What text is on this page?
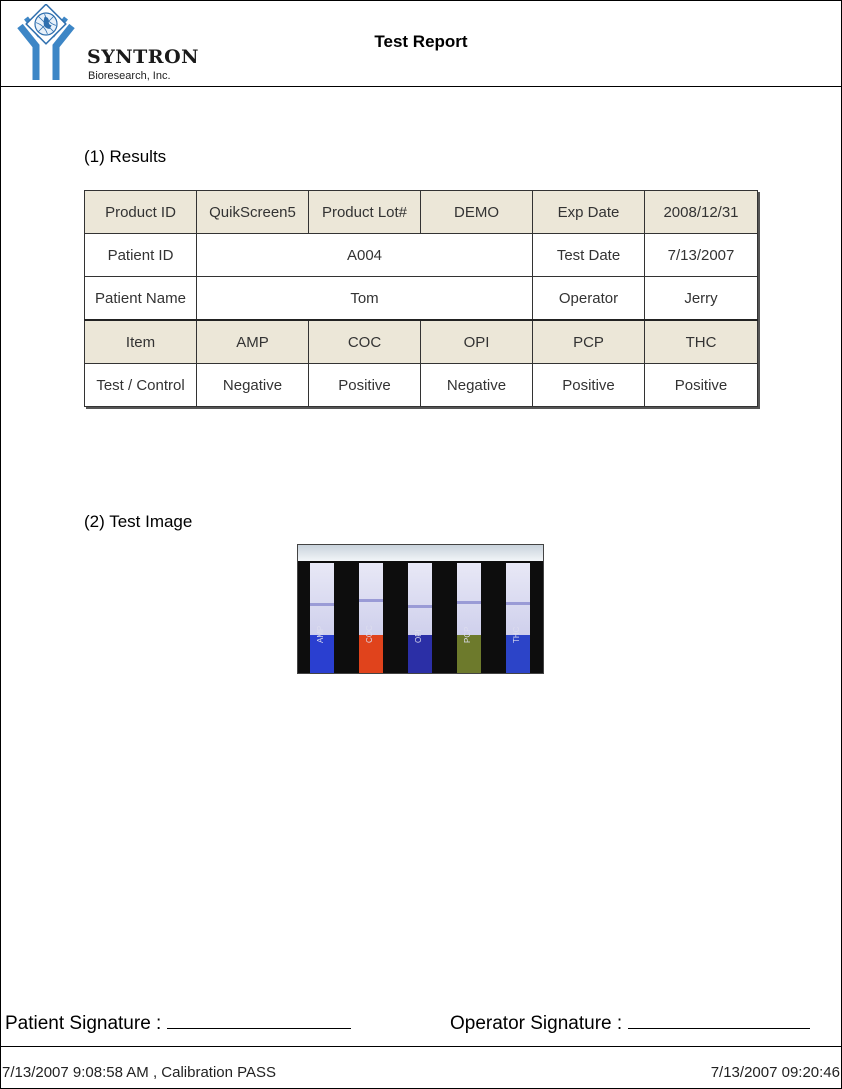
SYNTRON
Bioresearch, Inc.
Test Report
(1) Results
Product ID	QuikScreen5	Product Lot#	DEMO	Exp Date	2008/12/31
Patient ID	A004			Test Date	7/13/2007
Patient Name	Tom			Operator	Jerry
Item	AMP	COC	OPI	PCP	THC
Test / Control	Negative	Positive	Negative	Positive	Positive
(2) Test Image
AMP	COC	OPI	PCP	THC
Patient Signature :	Operator Signature :
7/13/2007 9:08:58 AM , Calibration PASS	7/13/2007 09:20:46
